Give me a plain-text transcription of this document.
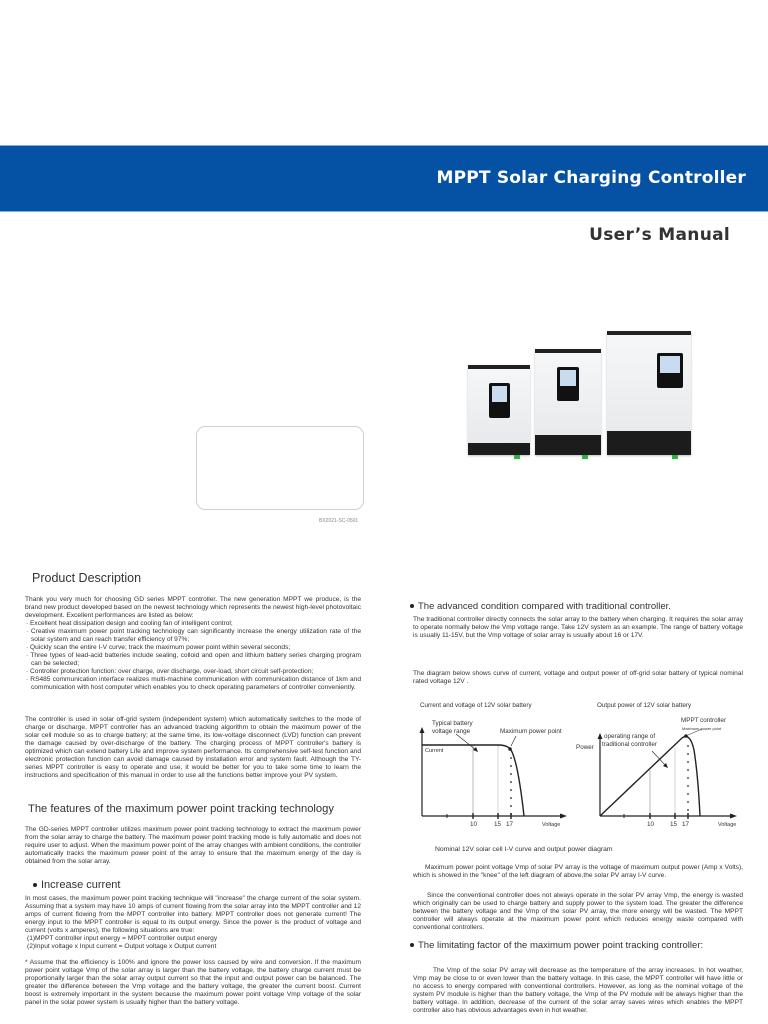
MPPT Solar Charging Controller
User’s Manual
BX2021-SC-0501
Product Description

Thank you very much for choosing GD series MPPT controller. The new generation MPPT we produce, is the brand new product developed based on the newest technology which represents the newest high-level photovoltaic development. Excellent performances are listed as below:

· Excellent heat dissipation design and cooling fan of intelligent control;

· Creative maximum power point tracking technology can significantly increase the energy utilization rate of the solar system and can reach transfer efficiency of 97%;

· Quickly scan the entire I-V curve; track the maximum power point within several seconds;

· Three types of lead-acid batteries include sealing, colloid and open and lithium battery series charging program can be selected;

· Controller protection function: over charge, over discharge, over-load, short circuit self-protection;

· RS485 communication interface realizes multi-machine communication with communication distance of 1km and communication with host computer which enables you to check operating parameters of controller conveniently.

The controller is used in solar off-grid system (independent system) which automatically switches to the mode of charge or discharge. MPPT controller has an advanced tracking algorithm to obtain the maximum power of the solar cell module so as to charge battery; at the same time, its low-voltage disconnect (LVD) function can prevent the damage caused by over-discharge of the battery. The charging process of MPPT controller's battery is optimized which can extend battery Life and improve system performance. Its comprehensive self-test function and electronic protection function can avoid damage caused by installation error and system fault. Although the TY-series MPPT controller is easy to operate and use, it would be better for you to take some time to learn the instructions and specification of this manual in order to use all the functions better improve your PV system.
The features of the maximum power point tracking technology
The GD-series MPPT controller utilizes maximum power point tracking technology to extract the maximum power from the solar array to charge the battery. The maximum power point tracking mode is fully automatic and does not require user to adjust. When the maximum power point of the array changes with ambient conditions, the controller automatically tracks the maximum power point of the array to ensure that the maximum energy of the day is obtained from the solar array.
Increase current

In most cases, the maximum power point tracking technique will "increase" the charge current of the solar system. Assuming that a system may have 10 amps of current flowing from the solar array into the MPPT controller and 12 amps of current flowing from the MPPT controller into battery. MPPT controller does not generate current! The energy input to the MPPT controller is equal to its output energy. Since the power is the product of voltage and current (volts x amperes), the following situations are true:

(1)MPPT controller input energy = MPPT controller output energy

(2)Input voltage x Input current = Output voltage x Output current

* Assume that the efficiency is 100% and ignore the power loss caused by wire and conversion. If the maximum power point voltage Vmp of the solar array is larger than the battery voltage, the battery charge current must be proportionally larger than the solar array output current so that the input and output power can be balanced. The greater the difference between the Vmp voltage and the battery voltage, the greater the current boost. Current boost is extremely important in the system because the maximum power point voltage Vmp voltage of the solar panel in the solar power system is usually higher than the battery voltage.

The advanced condition compared with traditional controller.
The traditional controller directly connects the solar array to the battery when charging. It requires the solar array to operate normally below the Vmp voltage range. Take 12V system as an example. The range of battery voltage is usually 11-15V, but the Vmp voltage of solar array is usually about 16 or 17V.
The diagram below shows curve of current, voltage and output power of off-grid solar battery of typical nominal rated voltage 12V .
Current and voltage of 12V solar battery
Typical battery
voltage range	Maximum power point
Current
Voltage
10	15 17
Output power of 12V solar battery
MPPT controller
Maximum power point
operating range of
traditional controller
Power
Voltage
10	15 17
Nominal 12V solar cell I-V curve and output power diagram
Maximum power point voltage Vmp of solar PV array is the voltage of maximum output power (Amp x Volts), which is showed in the "knee" of the left diagram of above,the solar PV array I-V curve.
Since the conventional controller does not always operate in the solar PV array Vmp, the energy is wasted which originally can be used to charge battery and supply power to the system load. The greater the difference between the battery voltage and the Vmp of the solar PV array, the more energy will be wasted. The MPPT controller will always operate at the maximum power point which reduces energy waste compared with conventional controllers.
The limitating factor of the maximum power point tracking controller:
The Vmp of the solar PV array will decrease as the temperature of the array increases. In hot weather, Vmp may be close to or even lower than the battery voltage. In this case, the MPPT controller will have little or no access to energy compared with conventional controllers. However, as long as the nominal voltage of the system PV module is higher than the battery voltage, the Vmp of the PV module will be always higher than the battery voltage. In addition, decrease of the current of the solar array saves wires which enables the MPPT controller also has obvious advantages even in hot weather.
